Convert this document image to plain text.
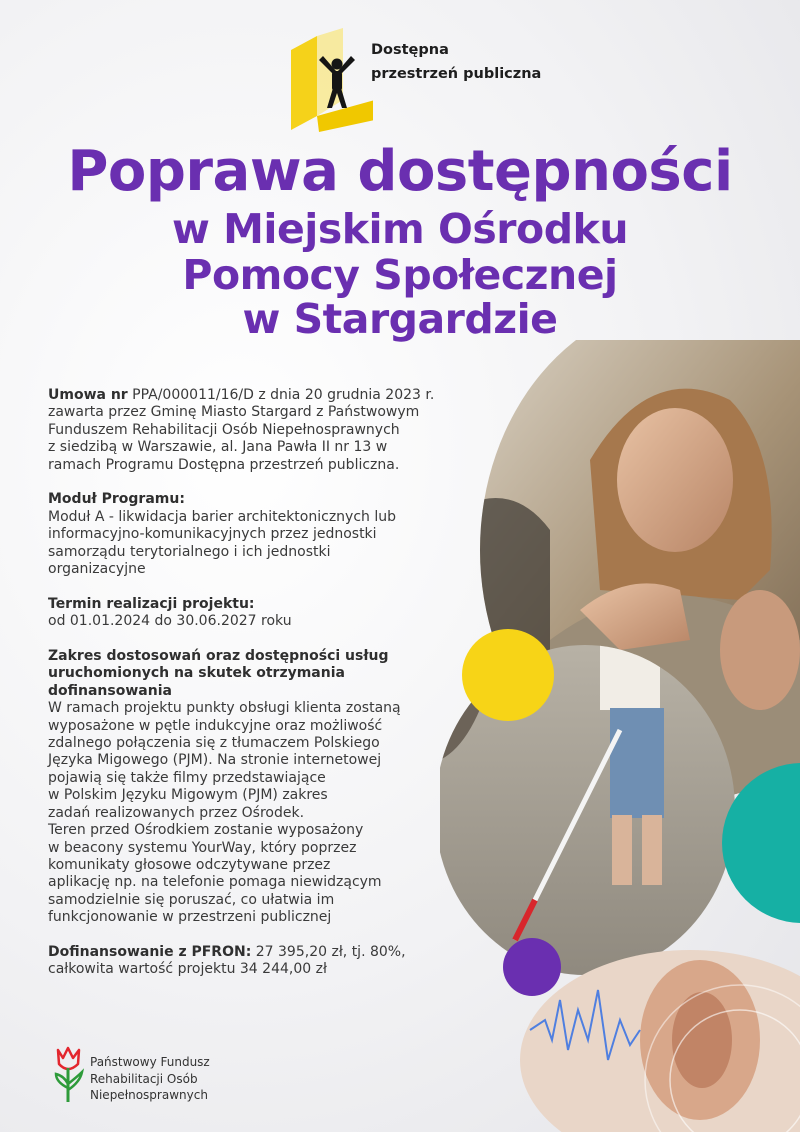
Dostępna
przestrzeń publiczna
Poprawa dostępności
w Miejskim Ośrodku
Pomocy Społecznej
w Stargardzie

Umowa nr PPA/000011/16/D z dnia 20 grudnia 2023 r.
zawarta przez Gminę Miasto Stargard z Państwowym
Funduszem Rehabilitacji Osób Niepełnosprawnych
z siedzibą w Warszawie, al. Jana Pawła II nr 13 w
ramach Programu Dostępna przestrzeń publiczna.

Moduł Programu:
Moduł A - likwidacja barier architektonicznych lub
informacyjno-komunikacyjnych przez jednostki
samorządu terytorialnego i ich jednostki
organizacyjne

Termin realizacji projektu:
od 01.01.2024 do 30.06.2027 roku

Zakres dostosowań oraz dostępności usług
uruchomionych na skutek otrzymania
dofinansowania
W ramach projektu punkty obsługi klienta zostaną
wyposażone w pętle indukcyjne oraz możliwość
zdalnego połączenia się z tłumaczem Polskiego
Języka Migowego (PJM). Na stronie internetowej
pojawią się także filmy przedstawiające
w Polskim Języku Migowym (PJM) zakres
zadań realizowanych przez Ośrodek.
Teren przed Ośrodkiem zostanie wyposażony
w beacony systemu YourWay, który poprzez
komunikaty głosowe odczytywane przez
aplikację np. na telefonie pomaga niewidzącym
samodzielnie się poruszać, co ułatwia im
funkcjonowanie w przestrzeni publicznej

Dofinansowanie z PFRON: 27 395,20 zł, tj. 80%,
całkowita wartość projektu 34 244,00 zł

Państwowy Fundusz
Rehabilitacji Osób
Niepełnosprawnych
